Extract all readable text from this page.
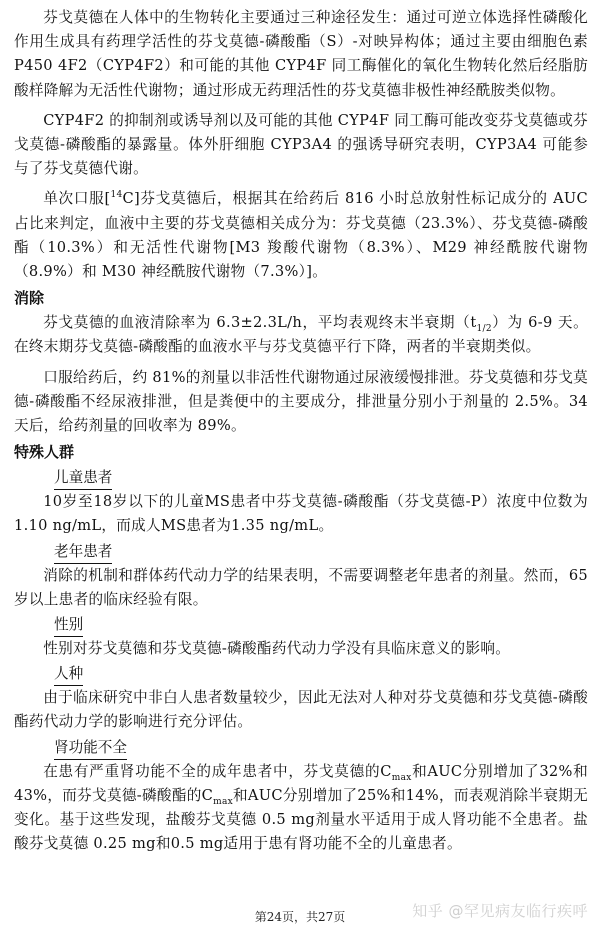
芬戈莫德在人体中的生物转化主要通过三种途径发生：通过可逆立体选择性磷酸化作用生成具有药理学活性的芬戈莫德-磷酸酯（S）-对映异构体；通过主要由细胞色素 P450 4F2（CYP4F2）和可能的其他 CYP4F 同工酶催化的氧化生物转化然后经脂肪酸样降解为无活性代谢物；通过形成无药理活性的芬戈莫德非极性神经酰胺类似物。

CYP4F2 的抑制剂或诱导剂以及可能的其他 CYP4F 同工酶可能改变芬戈莫德或芬戈莫德-磷酸酯的暴露量。体外肝细胞 CYP3A4 的强诱导研究表明，CYP3A4 可能参与了芬戈莫德代谢。

单次口服[$^{14}$C]芬戈莫德后，根据其在给药后 816 小时总放射性标记成分的 AUC 占比来判定，血液中主要的芬戈莫德相关成分为：芬戈莫德（23.3%）、芬戈莫德-磷酸酯（10.3%）和无活性代谢物[M3 羧酸代谢物（8.3%）、M29 神经酰胺代谢物（8.9%）和 M30 神经酰胺代谢物（7.3%）]。

消除

芬戈莫德的血液清除率为 6.3±2.3L/h，平均表观终末半衰期$(t_{1/2})$为 6-9 天。在终末期芬戈莫德-磷酸酯的血液水平与芬戈莫德平行下降，两者的半衰期类似。

口服给药后，约 81%的剂量以非活性代谢物通过尿液缓慢排泄。芬戈莫德和芬戈莫德-磷酸酯不经尿液排泄，但是粪便中的主要成分，排泄量分别小于剂量的 2.5%。34 天后，给药剂量的回收率为 89%。

特殊人群
儿童患者

10岁至18岁以下的儿童MS患者中芬戈莫德-磷酸酯（芬戈莫德-P）浓度中位数为1.10 ng/mL，而成人MS患者为1.35 ng/mL。

老年患者

消除的机制和群体药代动力学的结果表明，不需要调整老年患者的剂量。然而，65岁以上患者的临床经验有限。

性别

性别对芬戈莫德和芬戈莫德-磷酸酯药代动力学没有具临床意义的影响。

人种

由于临床研究中非白人患者数量较少，因此无法对人种对芬戈莫德和芬戈莫德-磷酸酯药代动力学的影响进行充分评估。

肾功能不全

在患有严重肾功能不全的成年患者中，芬戈莫德的$C_{max}$和AUC分别增加了32%和43%，而芬戈莫德-磷酸酯的$C_{max}$和AUC分别增加了25%和14%，而表观消除半衰期无变化。基于这些发现，盐酸芬戈莫德 0.5 mg剂量水平适用于成人肾功能不全患者。盐酸芬戈莫德 0.25 mg和0.5 mg适用于患有肾功能不全的儿童患者。

第24页，共27页	知乎 @罕见病友临行疾呼
